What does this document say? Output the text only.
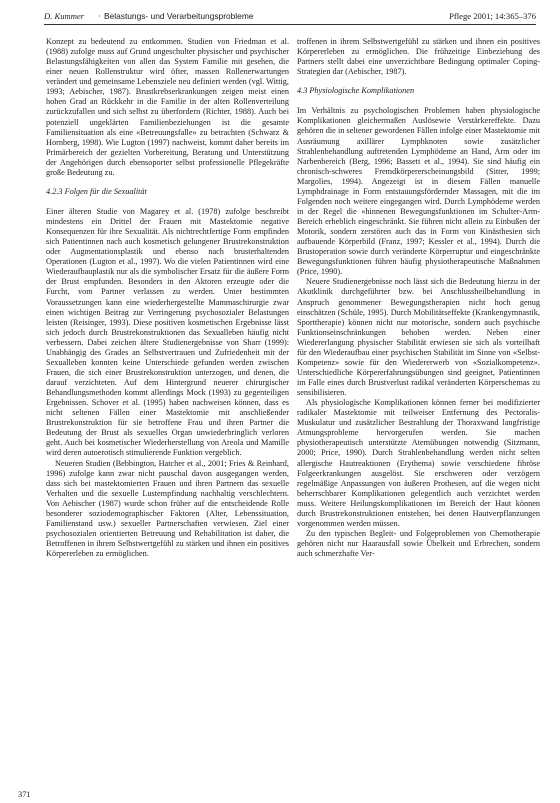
D. Kummer · Belastungs- und Verarbeitungsprobleme	Pflege 2001; 14:365–376

Konzept zu bedeutend zu entkommen. Studien von Friedman et al. (1988) zufolge muss auf Grund ungeschulter physischer und psychischer Belastungsfähigkeiten von allen das System Familie mit gesehen, die einer neuen Rollenstruktur wird öfter, massen Rollenerwartungen verändert und gemeinsame Lebensziele neu definiert werden (vgl. Wittig, 1993; Aebischer, 1987). Brustkrebserkrankungen zeigen meist einen hohen Grad an Rückkehr in die Familie in der alten Rollenverteilung zurückzufallen und sich selbst zu überfordern (Richter, 1988). Auch bei potenziell ungeklärten Familienbeziehungen ist die gesamte Familiensituation als eine «Betreuungsfalle» zu betrachten (Schwarz & Hornberg, 1998). Wie Lugton (1997) nachweist, kommt daher bereits im Primärbereich der gezielten Vorbereitung, Beratung und Unterstützung der Angehörigen durch ebensoporter selbst professionelle Pflegekräfte große Bedeutung zu.

4.2.3 Folgen für die Sexualität

Einer älteren Studie von Magarey et al. (1978) zufolge beschreibt mindestens ein Drittel der Frauen mit Mastektomie negative Konsequenzen für ihre Sexualität. Als nichtrechtfertige Form empfinden sich Patientinnen nach auch kosmetisch gelungener Brustrekonstruktion oder Augmentationsplastik und ebenso nach brusterhaltenden Operationen (Lugton et al., 1997). Wo die vielen Patientinnen wird eine Wiederaufbauplastik nur als die symbolischer Ersatz für die äußere Form der Brust empfunden. Besonders in den Aktoren erzeugte oder die Furcht, vom Partner verlassen zu werden. Unter bestimmten Voraussetzungen kann eine wiederhergestellte Mammaschirurgie zwar einen wichtigen Beitrag zur Verringerung psychosozialer Belastungen leisten (Reisinger, 1993). Diese positiven kosmetischen Ergebnisse lässt sich jedoch durch Brustrekonstruktionen das Sexualleben häufig nicht verbessern. Dabei zeichen ältere Studienergebnisse von Sharr (1999): Unabhängig des Grades an Selbstvertrauen und Zufriedenheit mit der Sexualleben konnten keine Unterschiede gefunden werden zwischen Frauen, die sich einer Brustrekonstruktion unterzogen, und denen, die darauf verzichteten. Auf dem Hintergrund neuerer chirurgischer Behandlungsmethoden kommt allerdings Mock (1993) zu gegenteiligen Ergebnissen. Schover et al. (1995) haben nachweisen können, dass es nicht seltenen Fällen einer Mastektomie mit anschließender Brustrekonstruktion für sie betroffene Frau und ihren Partner die Bedeutung der Brust als sexuelles Organ unwiederbringlich verloren geht. Auch bei kosmetischer Wiederherstellung von Areola und Mamille wird deren autoerotisch stimulierende Funktion vergeblich.

Neueren Studien (Bebbington, Hatcher et al., 2001; Fries & Reinhard, 1996) zufolge kann zwar nicht pauschal davon ausgegangen werden, dass sich bei mastektomierten Frauen und ihren Partnern das sexuelle Verhalten und die sexuelle Lustempfindung nachhaltig verschlechtern. Von Aebischer (1987) wurde schon früher auf die entscheidende Rolle besonderer soziodemographischer Faktoren (Alter, Lebenssituation, Familienstand usw.) sexueller Partnerschaften verwiesen. Ziel einer psychosozialen orientierten Betreuung und Rehabilitation ist daher, die Betroffenen in ihrem Selbstwertgefühl zu stärken und ihnen ein positives Körpererleben zu ermöglichen.

troffenen in ihrem Selbstwertgefühl zu stärken und ihnen ein positives Körpererleben zu ermöglichen. Die frühzeitige Einbeziehung des Partners stellt dabei eine unverzichtbare Bedingung optimaler Coping-Strategien dar (Aebischer, 1987).

4.3 Physiologische Komplikationen

Im Verhältnis zu psychologischen Problemen haben physiologische Komplikationen gleichermaßen Auslösewie Verstärkereffekte. Dazu gehören die in seltener gewordenen Fällen infolge einer Mastektomie mit Ausräumung axillärer Lymphknoten sowie zusätzlicher Strahlenbehandlung auftretenden Lymphödeme an Hand, Arm oder im Narbenbereich (Berg, 1996; Bassett et al., 1994). Sie sind häufig ein chronisch-schweres Fremdkörpererscheinungsbild (Sitter, 1999; Margolies, 1994). Angezeigt ist in diesem Fällen manuelle Lymphdrainage in Form entstauungsfördernder Massagen, mit die im Folgenden noch weitere eingegangen wird. Durch Lymphödeme werden in der Regel die «hinnenen Bewegungsfunktionen im Schulter-Arm-Bereich erheblich eingeschränkt. Sie führen nicht allein zu Einbußen der Motorik, sondern zerstören auch das in Form von Kinästhesien sich aufbauende Körperbild (Franz, 1997; Kessler et al., 1994). Durch die Brustoperation sowie durch veränderte Körperruptur und eingeschränkte Bewegungsfunktionen führen häufig physiotherapeutische Maßnahmen (Price, 1990).

Neuere Studienergebnisse noch lässt sich die Bedeutung hierzu in der Akutklinik durchgeführter bzw. bei Anschlussheilbehandlung in Anspruch genommener Bewegungstherapien nicht hoch genug einschätzen (Schüle, 1995). Durch Mobilitätseffekte (Krankengymnastik, Sporttherapie) können nicht nur motorische, sondern auch psychische Funktionseinschränkungen behoben werden. Neben einer Wiedererlangung physischer Stabilität erwiesen sie sich als vorteilhaft für den Wiederaufbau einer psychischen Stabilität im Sinne von «Selbst-Kompetenz» sowie für den Wiedererwerb von «Sozialkompetenz». Unterschiedliche Körpererfahrungsübungen sind geeignet, Patientinnen im Falle eines durch Brustverlust radikal veränderten Körperschemas zu sensibilisieren.

Als physiologische Komplikationen können ferner bei modifizierter radikaler Mastektomie mit teilweiser Entfernung des Pectoralis-Muskulatur und zusätzlicher Bestrahlung der Thoraxwand langfristige Atmungsprobleme hervorgerufen werden. Sie machen physiotherapeutisch unterstützte Atemübungen notwendig (Sitzmann, 2000; Price, 1990). Durch Strahlenbehandlung werden nicht selten allergische Hautreaktionen (Erythema) sowie verschiedene fibröse Folgeerkrankungen ausgelöst. Sie erschweren oder verzögern regelmäßige Anpassungen von äußeren Prothesen, auf die wegen nicht beherrschbarer Komplikationen gelegentlich auch verzichtet werden muss. Weitere Heilungskomplikationen im Bereich der Haut können durch Brustrekonstruktionen entstehen, bei denen Hautverpflanzungen vorgenommen werden müssen.

Zu den typischen Begleit- und Folgeproblemen von Chemotherapie gehören nicht nur Haarausfall sowie Übelkeit und Erbrechen, sondern auch schmerzhafte Ver-

371
